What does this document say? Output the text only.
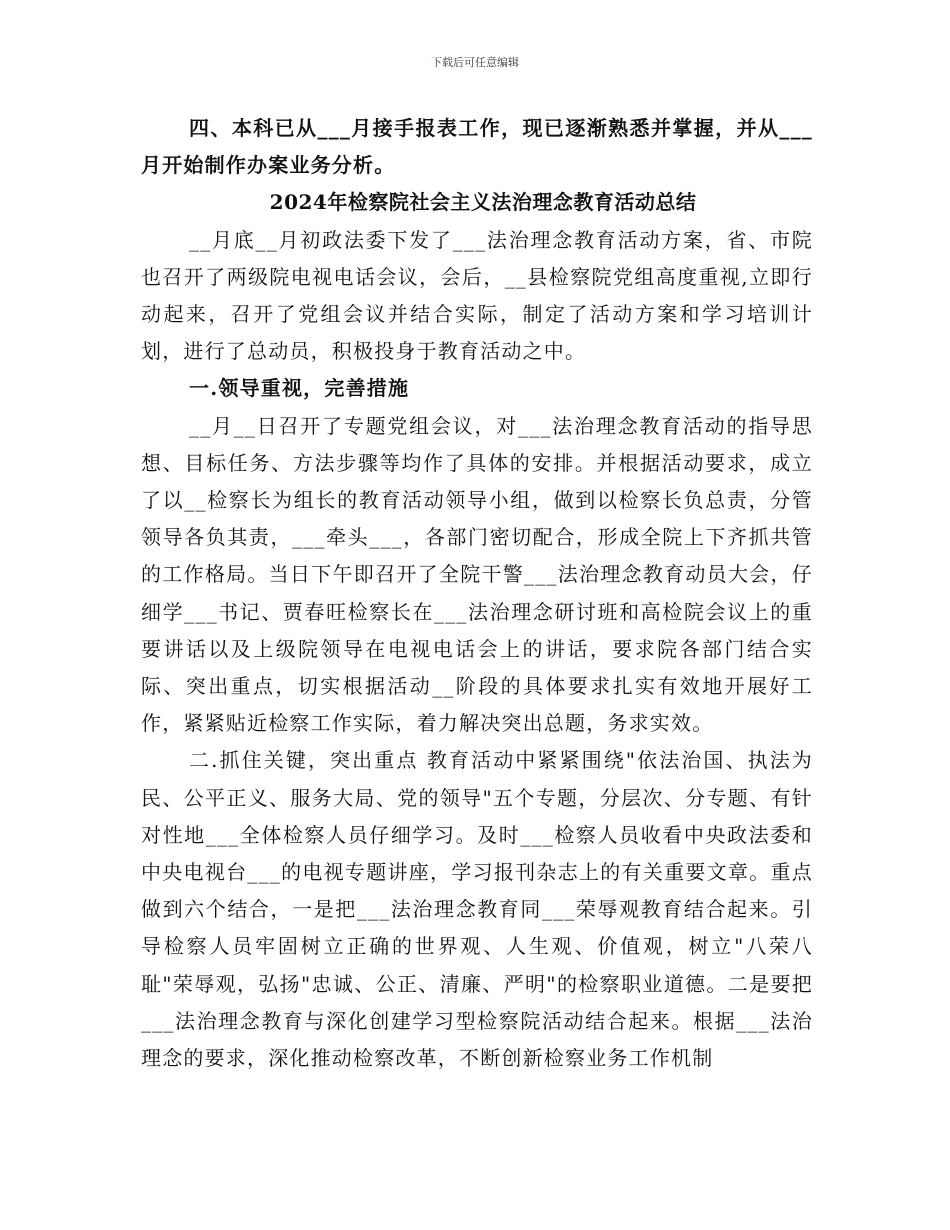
下载后可任意编辑

四、本科已从___月接手报表工作，现已逐渐熟悉并掌握，并从___月开始制作办案业务分析。

2024年检察院社会主义法治理念教育活动总结

__月底__月初政法委下发了___法治理念教育活动方案，省、市院也召开了两级院电视电话会议，会后，__县检察院党组高度重视,立即行动起来，召开了党组会议并结合实际，制定了活动方案和学习培训计划，进行了总动员，积极投身于教育活动之中。

一.领导重视，完善措施

__月__日召开了专题党组会议，对___法治理念教育活动的指导思想、目标任务、方法步骤等均作了具体的安排。并根据活动要求，成立了以__检察长为组长的教育活动领导小组，做到以检察长负总责，分管领导各负其责，___牵头___，各部门密切配合，形成全院上下齐抓共管的工作格局。当日下午即召开了全院干警___法治理念教育动员大会，仔细学___书记、贾春旺检察长在___法治理念研讨班和高检院会议上的重要讲话以及上级院领导在电视电话会上的讲话，要求院各部门结合实际、突出重点，切实根据活动__阶段的具体要求扎实有效地开展好工作，紧紧贴近检察工作实际，着力解决突出总题，务求实效。

二.抓住关键，突出重点 教育活动中紧紧围绕"依法治国、执法为民、公平正义、服务大局、党的领导"五个专题，分层次、分专题、有针对性地___全体检察人员仔细学习。及时___检察人员收看中央政法委和中央电视台___的电视专题讲座，学习报刊杂志上的有关重要文章。重点做到六个结合，一是把___法治理念教育同___荣辱观教育结合起来。引导检察人员牢固树立正确的世界观、人生观、价值观，树立"八荣八耻"荣辱观，弘扬"忠诚、公正、清廉、严明"的检察职业道德。二是要把___法治理念教育与深化创建学习型检察院活动结合起来。根据___法治理念的要求，深化推动检察改革，不断创新检察业务工作机制
